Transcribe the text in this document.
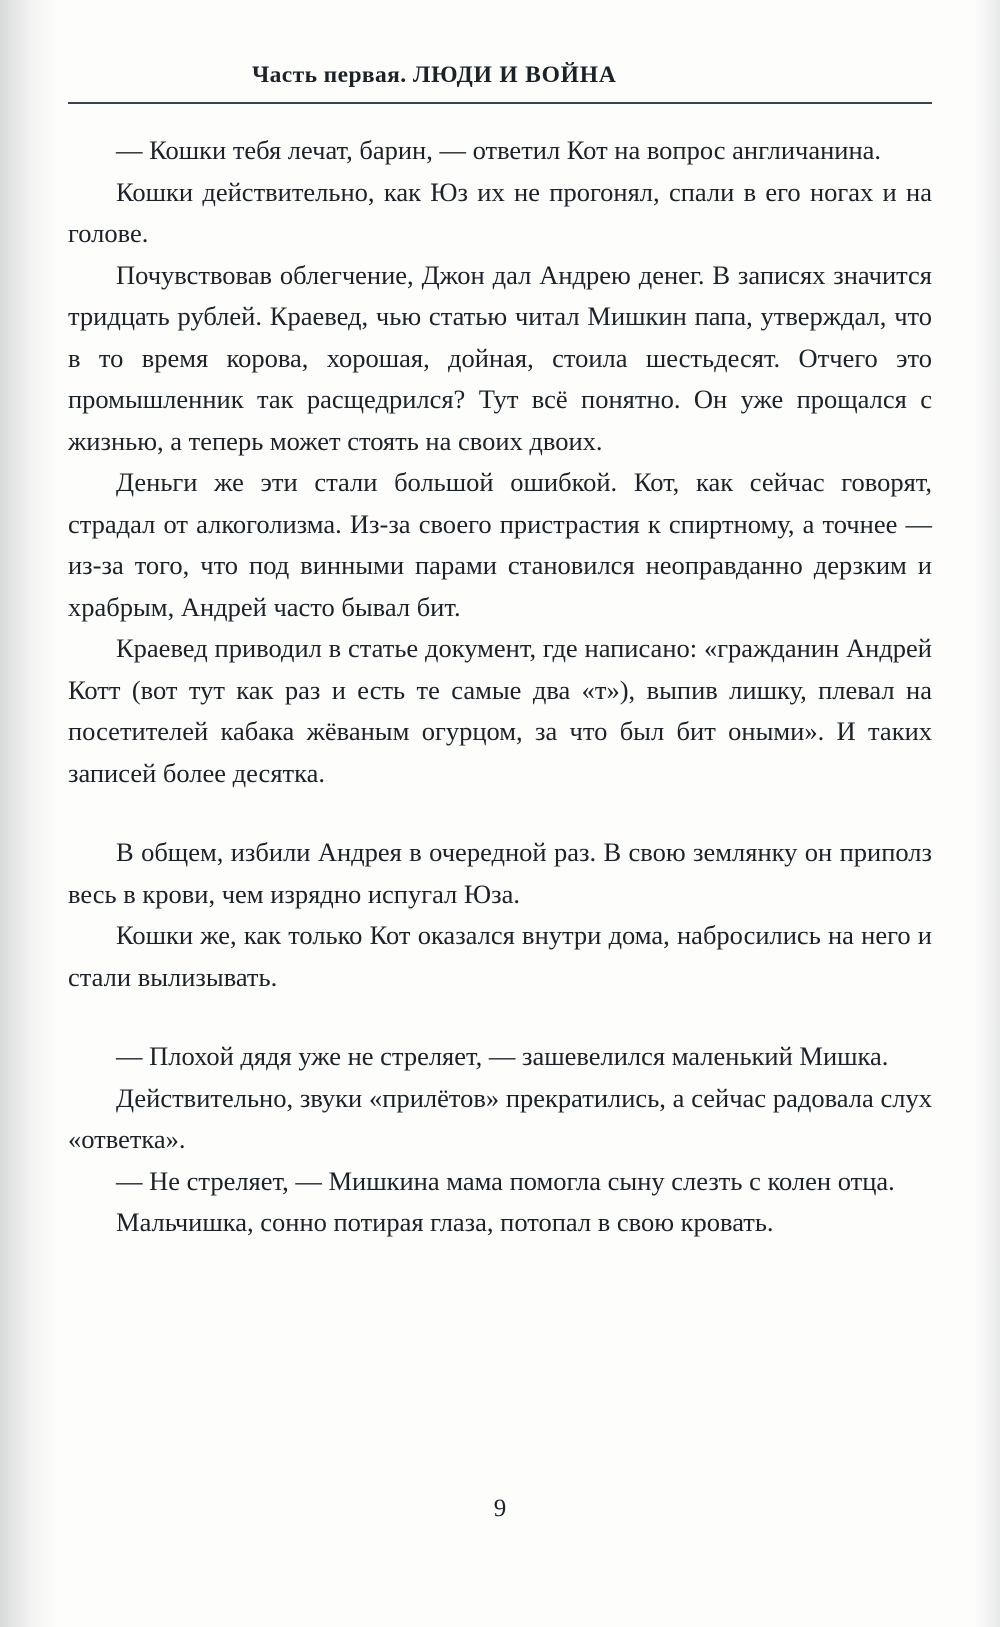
Часть первая. ЛЮДИ И ВОЙНА

— Кошки тебя лечат, барин, — ответил Кот на вопрос англичанина.

Кошки действительно, как Юз их не прогонял, спали в его ногах и на голове.

Почувствовав облегчение, Джон дал Андрею денег. В записях значится тридцать рублей. Краевед, чью статью читал Мишкин папа, утверждал, что в то время корова, хорошая, дойная, стоила шестьдесят. Отчего это промышленник так расщедрился? Тут всё понятно. Он уже прощался с жизнью, а теперь может стоять на своих двоих.

Деньги же эти стали большой ошибкой. Кот, как сейчас говорят, страдал от алкоголизма. Из-за своего пристрастия к спиртному, а точнее — из-за того, что под винными парами становился неоправданно дерзким и храбрым, Андрей часто бывал бит.

Краевед приводил в статье документ, где написано: «гражданин Андрей Котт (вот тут как раз и есть те самые два «т»), выпив лишку, плевал на посетителей кабака жёваным огурцом, за что был бит оными». И таких записей более десятка.

В общем, избили Андрея в очередной раз. В свою землянку он приполз весь в крови, чем изрядно испугал Юза.

Кошки же, как только Кот оказался внутри дома, набросились на него и стали вылизывать.

— Плохой дядя уже не стреляет, — зашевелился маленький Мишка.

Действительно, звуки «прилётов» прекратились, а сейчас радовала слух «ответка».

— Не стреляет, — Мишкина мама помогла сыну слезть с колен отца.

Мальчишка, сонно потирая глаза, потопал в свою кровать.

9
